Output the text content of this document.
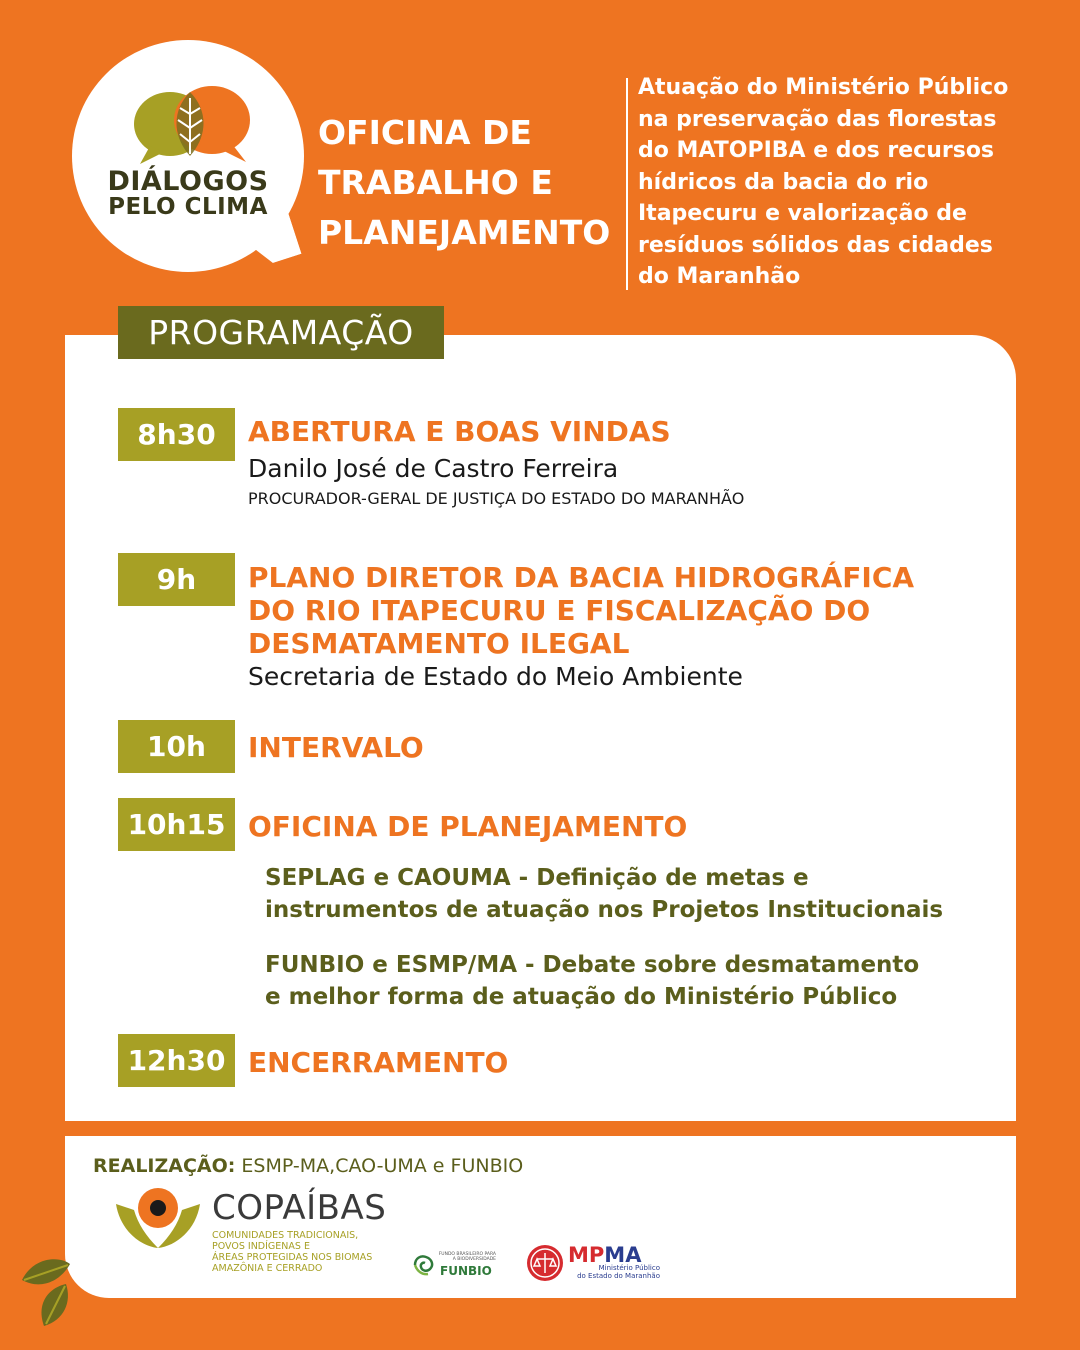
DIÁLOGOS
PELO CLIMA
OFICINA DE
TRABALHO E
PLANEJAMENTO
Atuação do Ministério Público
na preservação das florestas
do MATOPIBA e dos recursos
hídricos da bacia do rio
Itapecuru e valorização de
resíduos sólidos das cidades
do Maranhão
PROGRAMAÇÃO
8h30	ABERTURA E BOAS VINDAS
Danilo José de Castro Ferreira
PROCURADOR-GERAL DE JUSTIÇA DO ESTADO DO MARANHÃO
9h	PLANO DIRETOR DA BACIA HIDROGRÁFICA
DO RIO ITAPECURU E FISCALIZAÇÃO DO
DESMATAMENTO ILEGAL
Secretaria de Estado do Meio Ambiente
10h	INTERVALO
10h15 OFICINA DE PLANEJAMENTO
SEPLAG e CAOUMA - Definição de metas e
instrumentos de atuação nos Projetos Institucionais
FUNBIO e ESMP/MA - Debate sobre desmatamento
e melhor forma de atuação do Ministério Público
12h30 ENCERRAMENTO
REALIZAÇÃO: ESMP-MA,CAO-UMA e FUNBIO
COPAÍBAS
COMUNIDADES TRADICIONAIS,
POVOS INDÍGENAS E
ÁREAS PROTEGIDAS NOS BIOMAS
AMAZÔNIA E CERRADO
FUNDO BRASILEIRO PARA
A BIODIVERSIDADE
FUNBIO
MPMA
Ministério Público
do Estado do Maranhão
